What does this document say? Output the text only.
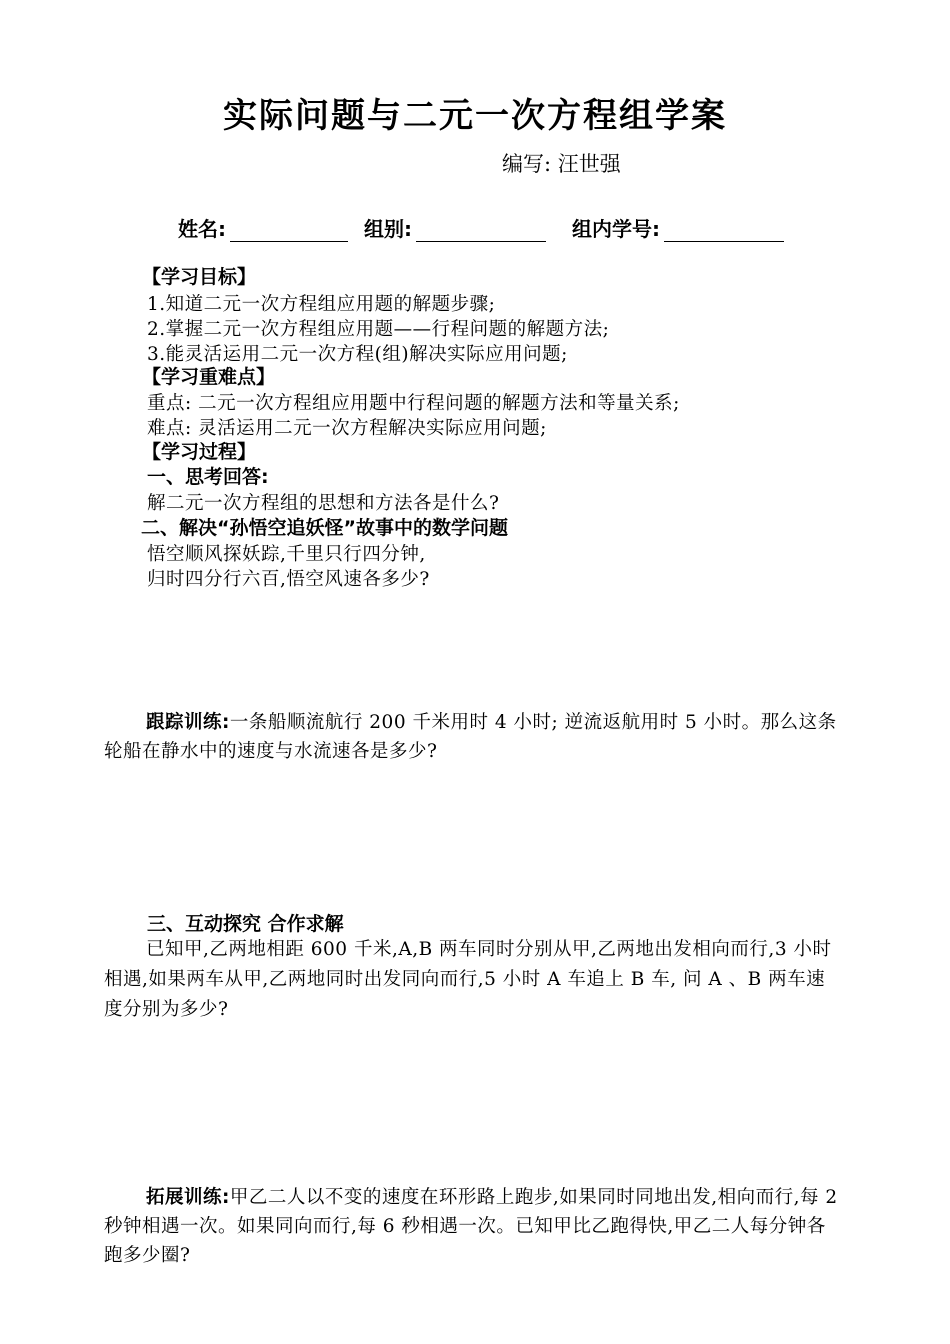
实际问题与二元一次方程组学案
编写: 汪世强
姓名:	组别:	组内学号:
【学习目标】
1.知道二元一次方程组应用题的解题步骤;
2.掌握二元一次方程组应用题——行程问题的解题方法;
3.能灵活运用二元一次方程(组)解决实际应用问题;
【学习重难点】
重点: 二元一次方程组应用题中行程问题的解题方法和等量关系;
难点: 灵活运用二元一次方程解决实际应用问题;
【学习过程】
一、思考回答:
解二元一次方程组的思想和方法各是什么?
二、解决“孙悟空追妖怪”故事中的数学问题
悟空顺风探妖踪,千里只行四分钟,
归时四分行六百,悟空风速各多少?
跟踪训练:一条船顺流航行 200 千米用时 4 小时; 逆流返航用时 5 小时。那么这条轮船在静水中的速度与水流速各是多少?
三、互动探究 合作求解
已知甲,乙两地相距 600 千米,A,B 两车同时分别从甲,乙两地出发相向而行,3 小时相遇,如果两车从甲,乙两地同时出发同向而行,5 小时 A 车追上 B 车, 问 A 、B 两车速度分别为多少?
拓展训练:甲乙二人以不变的速度在环形路上跑步,如果同时同地出发,相向而行,每 2 秒钟相遇一次。如果同向而行,每 6 秒相遇一次。已知甲比乙跑得快,甲乙二人每分钟各跑多少圈?
